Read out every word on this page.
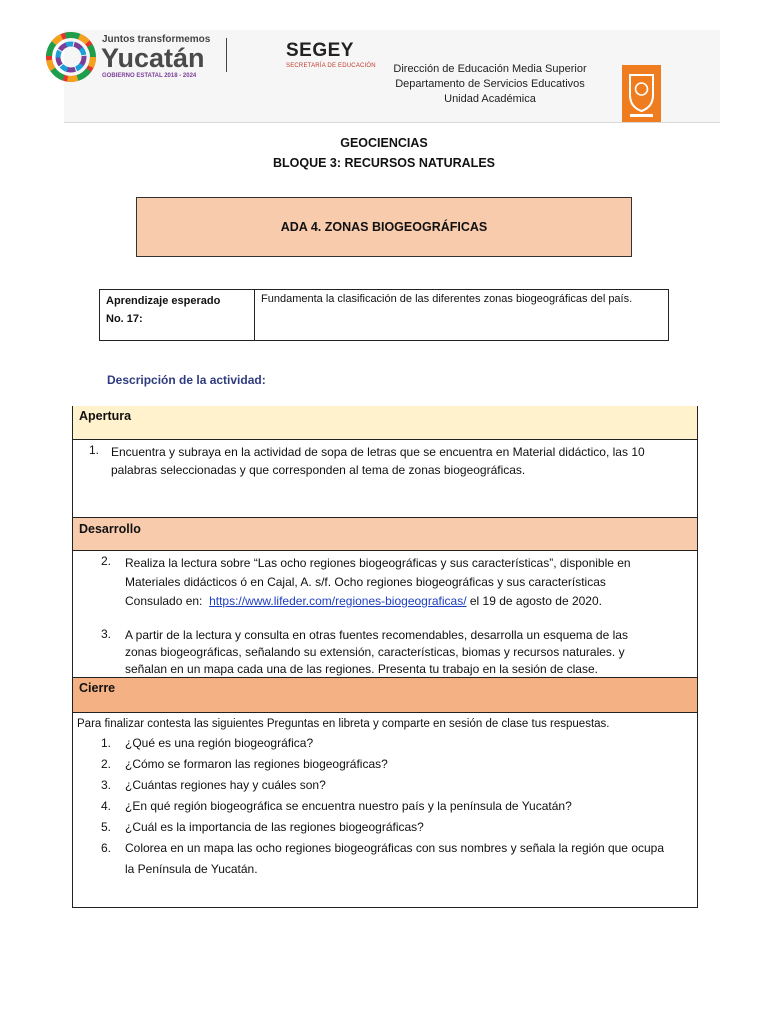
Juntos transformemos
Yucatán
GOBIERNO ESTATAL 2018 - 2024
SEGEY
SECRETARÍA DE EDUCACIÓN	Dirección de Educación Media Superior
Departamento de Servicios Educativos
Unidad Académica
GEOCIENCIAS
BLOQUE 3: RECURSOS NATURALES
ADA 4. ZONAS BIOGEOGRÁFICAS
Aprendizaje esperado
No. 17:
Fundamenta la clasificación de las diferentes zonas biogeográficas del país.
Descripción de la actividad:
Apertura
1. Encuentra y subraya en la actividad de sopa de letras que se encuentra en Material didáctico, las 10
palabras seleccionadas y que corresponden al tema de zonas biogeográficas.
Desarrollo
2. Realiza la lectura sobre “Las ocho regiones biogeográficas y sus características”, disponible en
Materiales didácticos ó en Cajal, A. s/f. Ocho regiones biogeográficas y sus características
Consulado en: https://www.lifeder.com/regiones-biogeograficas/ el 19 de agosto de 2020.
3. A partir de la lectura y consulta en otras fuentes recomendables, desarrolla un esquema de las
zonas biogeográficas, señalando su extensión, características, biomas y recursos naturales. y
señalan en un mapa cada una de las regiones. Presenta tu trabajo en la sesión de clase.
Cierre
Para finalizar contesta las siguientes Preguntas en libreta y comparte en sesión de clase tus respuestas.
1. ¿Qué es una región biogeográfica?
2. ¿Cómo se formaron las regiones biogeográficas?
3. ¿Cuántas regiones hay y cuáles son?
4. ¿En qué región biogeográfica se encuentra nuestro país y la península de Yucatán?
5. ¿Cuál es la importancia de las regiones biogeográficas?
6. Colorea en un mapa las ocho regiones biogeográficas con sus nombres y señala la región que ocupa
la Península de Yucatán.
